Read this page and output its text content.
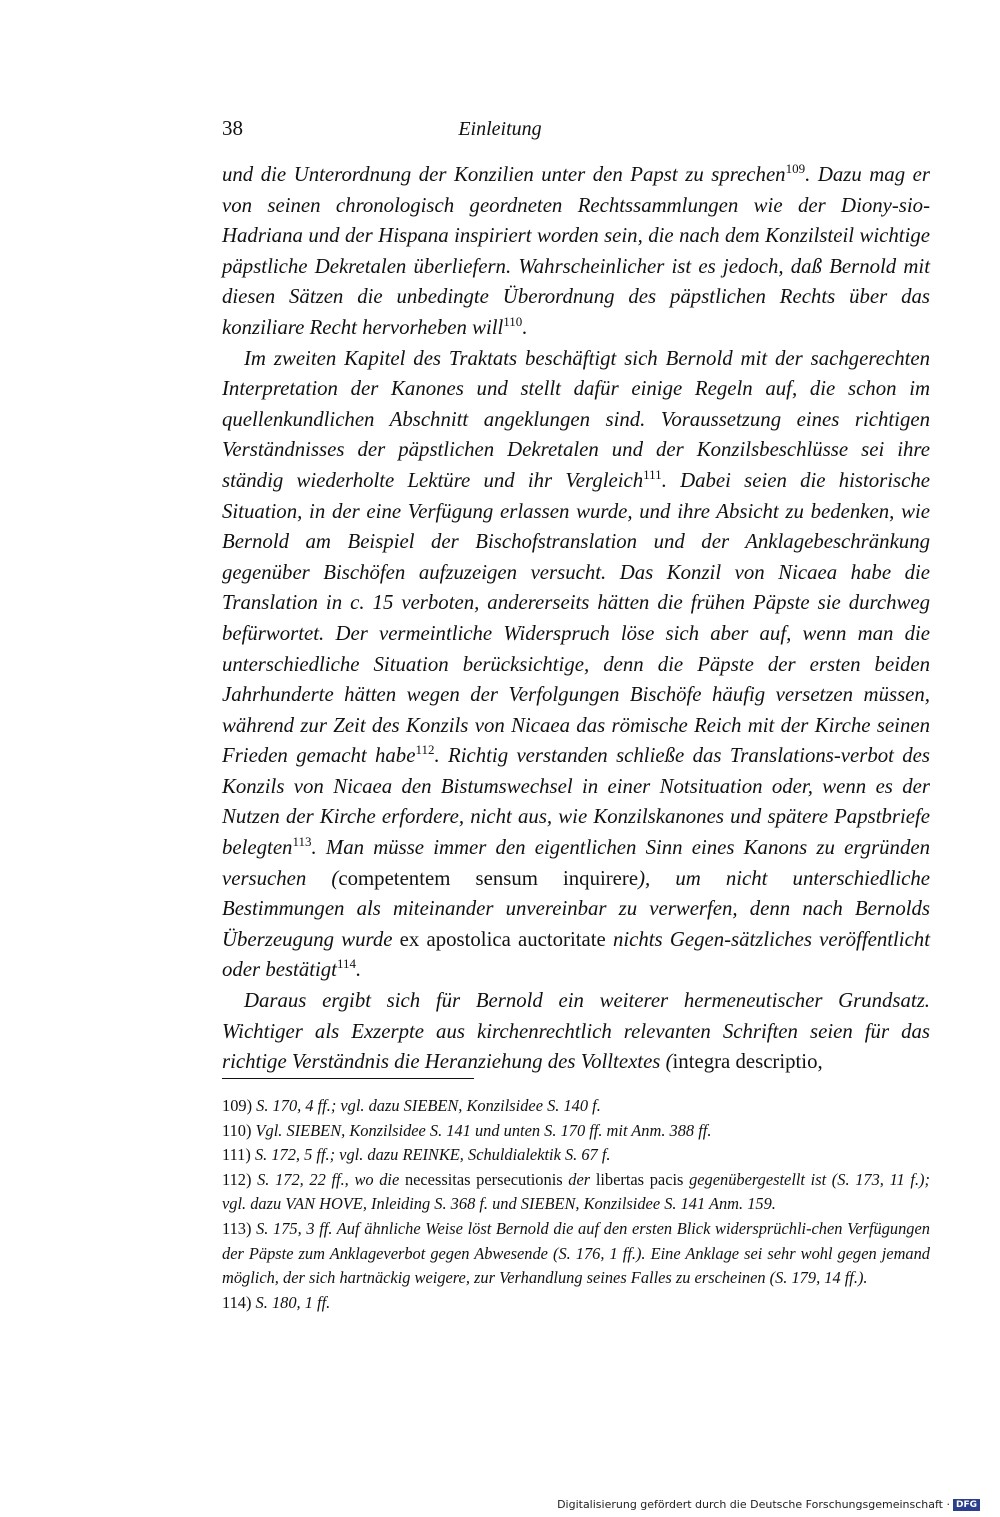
38	Einleitung

und die Unterordnung der Konzilien unter den Papst zu sprechen$^{109}$. Dazu mag er von seinen chronologisch geordneten Rechtssammlungen wie der Diony-sio-Hadriana und der Hispana inspiriert worden sein, die nach dem Konzilsteil wichtige päpstliche Dekretalen überliefern. Wahrscheinlicher ist es jedoch, daß Bernold mit diesen Sätzen die unbedingte Überordnung des päpstlichen Rechts über das konziliare Recht hervorheben will$^{110}$.

Im zweiten Kapitel des Traktats beschäftigt sich Bernold mit der sachgerechten Interpretation der Kanones und stellt dafür einige Regeln auf, die schon im quellenkundlichen Abschnitt angeklungen sind. Voraussetzung eines richtigen Verständnisses der päpstlichen Dekretalen und der Konzilsbeschlüsse sei ihre ständig wiederholte Lektüre und ihr Vergleich$^{111}$. Dabei seien die historische Situation, in der eine Verfügung erlassen wurde, und ihre Absicht zu bedenken, wie Bernold am Beispiel der Bischofstranslation und der Anklagebeschränkung gegenüber Bischöfen aufzuzeigen versucht. Das Konzil von Nicaea habe die Translation in c. 15 verboten, andererseits hätten die frühen Päpste sie durchweg befürwortet. Der vermeintliche Widerspruch löse sich aber auf, wenn man die unterschiedliche Situation berücksichtige, denn die Päpste der ersten beiden Jahrhunderte hätten wegen der Verfolgungen Bischöfe häufig versetzen müssen, während zur Zeit des Konzils von Nicaea das römische Reich mit der Kirche seinen Frieden gemacht habe$^{112}$. Richtig verstanden schließe das Translations-verbot des Konzils von Nicaea den Bistumswechsel in einer Notsituation oder, wenn es der Nutzen der Kirche erfordere, nicht aus, wie Konzilskanones und spätere Papstbriefe belegten$^{113}$. Man müsse immer den eigentlichen Sinn eines Kanons zu ergründen versuchen (competentem sensum inquirere), um nicht unterschiedliche Bestimmungen als miteinander unvereinbar zu verwerfen, denn nach Bernolds Überzeugung wurde ex apostolica auctoritate nichts Gegen-sätzliches veröffentlicht oder bestätigt$^{114}$.

Daraus ergibt sich für Bernold ein weiterer hermeneutischer Grundsatz. Wichtiger als Exzerpte aus kirchenrechtlich relevanten Schriften seien für das richtige Verständnis die Heranziehung des Volltextes (integra descriptio,

109) S. 170, 4 ff.; vgl. dazu SIEBEN, Konzilsidee S. 140 f.

110) Vgl. SIEBEN, Konzilsidee S. 141 und unten S. 170 ff. mit Anm. 388 ff.

111) S. 172, 5 ff.; vgl. dazu REINKE, Schuldialektik S. 67 f.

112) S. 172, 22 ff., wo die necessitas persecutionis der libertas pacis gegenübergestellt ist (S. 173, 11 f.); vgl. dazu VAN HOVE, Inleiding S. 368 f. und SIEBEN, Konzilsidee S. 141 Anm. 159.

113) S. 175, 3 ff. Auf ähnliche Weise löst Bernold die auf den ersten Blick widersprüchli-chen Verfügungen der Päpste zum Anklageverbot gegen Abwesende (S. 176, 1 ff.). Eine Anklage sei sehr wohl gegen jemand möglich, der sich hartnäckig weigere, zur Verhandlung seines Falles zu erscheinen (S. 179, 14 ff.).

114) S. 180, 1 ff.

Digitalisierung gefördert durch die Deutsche Forschungsgemeinschaft · DFG
